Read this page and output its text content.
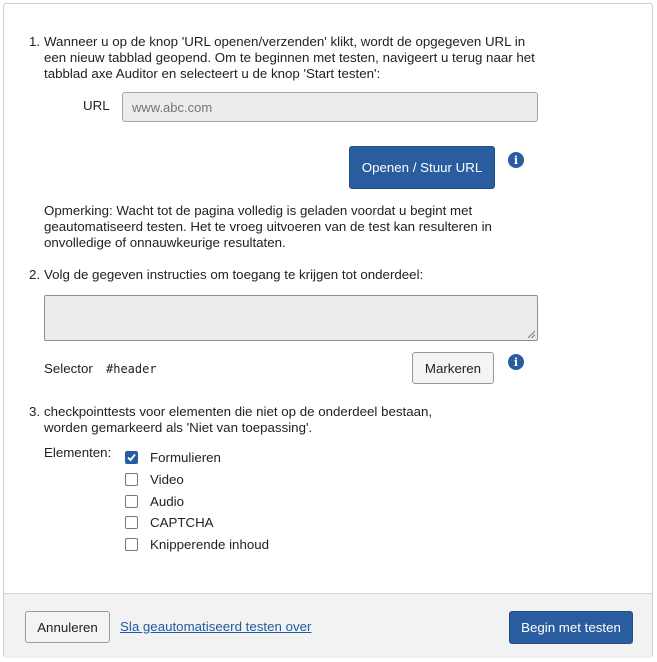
1. Wanneer u op de knop 'URL openen/verzenden' klikt, wordt de opgegeven URL in
een nieuw tabblad geopend. Om te beginnen met testen, navigeert u terug naar het
tabblad axe Auditor en selecteert u de knop 'Start testen':
URL
www.abc.com
Openen / Stuur URL	i
Opmerking: Wacht tot de pagina volledig is geladen voordat u begint met
geautomatiseerd testen. Het te vroeg uitvoeren van de test kan resulteren in
onvolledige of onnauwkeurige resultaten.
2. Volg de gegeven instructies om toegang te krijgen tot onderdeel:
Selector #header	Markeren	i
3. checkpointtests voor elementen die niet op de onderdeel bestaan,
worden gemarkeerd als 'Niet van toepassing'.
Elementen:	Formulieren
Video
Audio
CAPTCHA
Knipperende inhoud
Annuleren	Sla geautomatiseerd testen over	Begin met testen
